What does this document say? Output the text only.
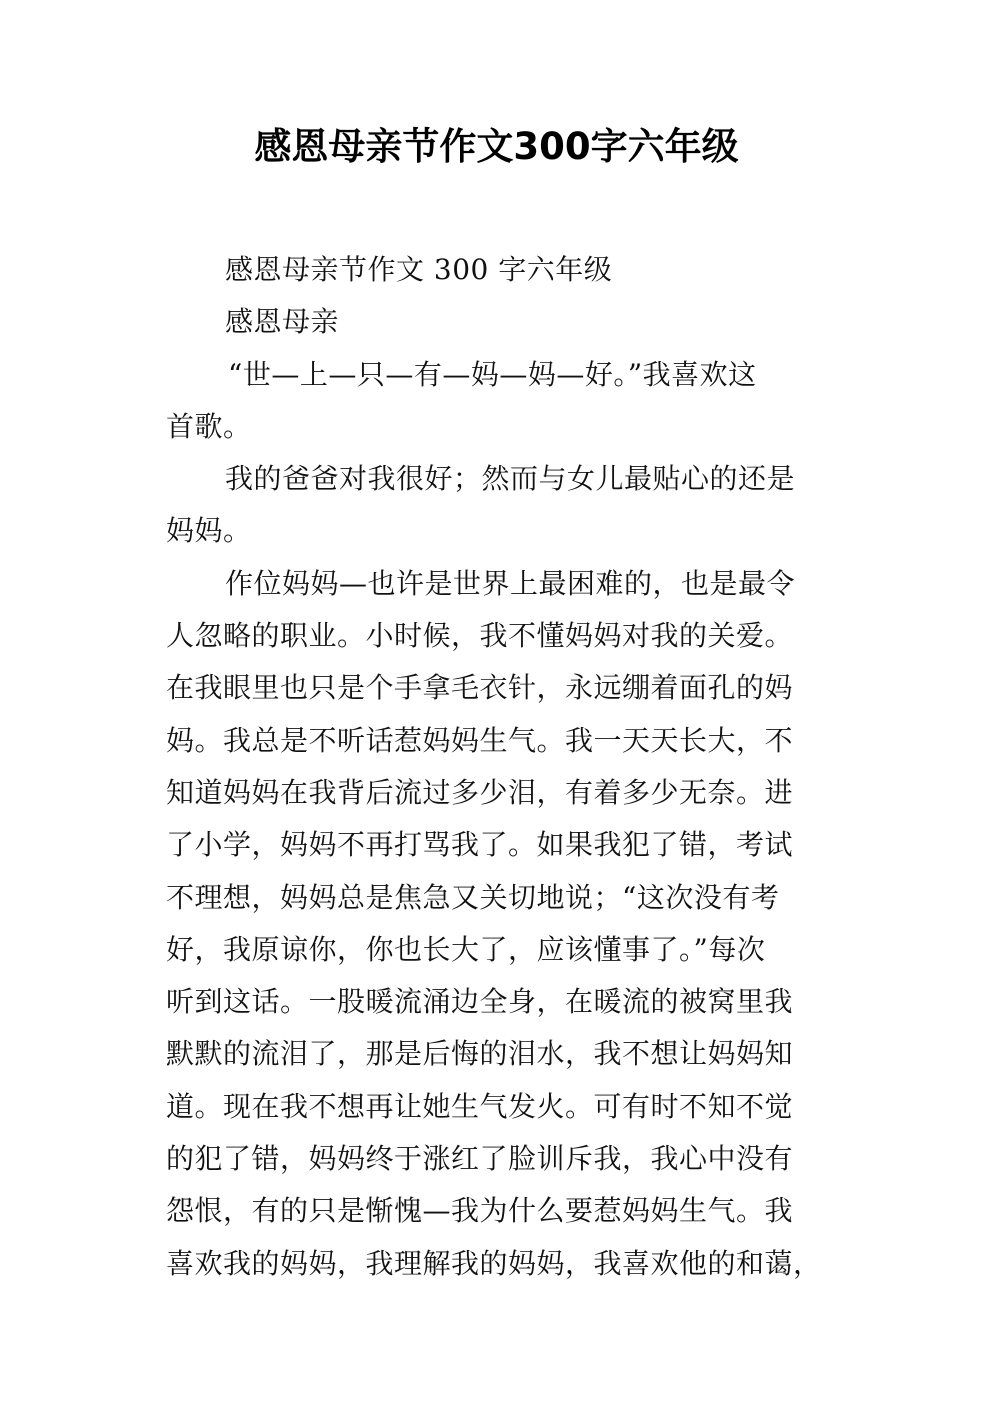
感恩母亲节作文300字六年级
感恩母亲节作文 300 字六年级
感恩母亲
“世—上—只—有—妈—妈—好。”我喜欢这
首歌。
我的爸爸对我很好；然而与女儿最贴心的还是
妈妈。
作位妈妈—也许是世界上最困难的，也是最令
人忽略的职业。小时候，我不懂妈妈对我的关爱。
在我眼里也只是个手拿毛衣针，永远绷着面孔的妈
妈。我总是不听话惹妈妈生气。我一天天长大，不
知道妈妈在我背后流过多少泪，有着多少无奈。进
了小学，妈妈不再打骂我了。如果我犯了错，考试
不理想，妈妈总是焦急又关切地说；“这次没有考
好，我原谅你，你也长大了，应该懂事了。”每次
听到这话。一股暖流涌边全身，在暖流的被窝里我
默默的流泪了，那是后悔的泪水，我不想让妈妈知
道。现在我不想再让她生气发火。可有时不知不觉
的犯了错，妈妈终于涨红了脸训斥我，我心中没有
怨恨，有的只是惭愧—我为什么要惹妈妈生气。我
喜欢我的妈妈，我理解我的妈妈，我喜欢他的和蔼，
